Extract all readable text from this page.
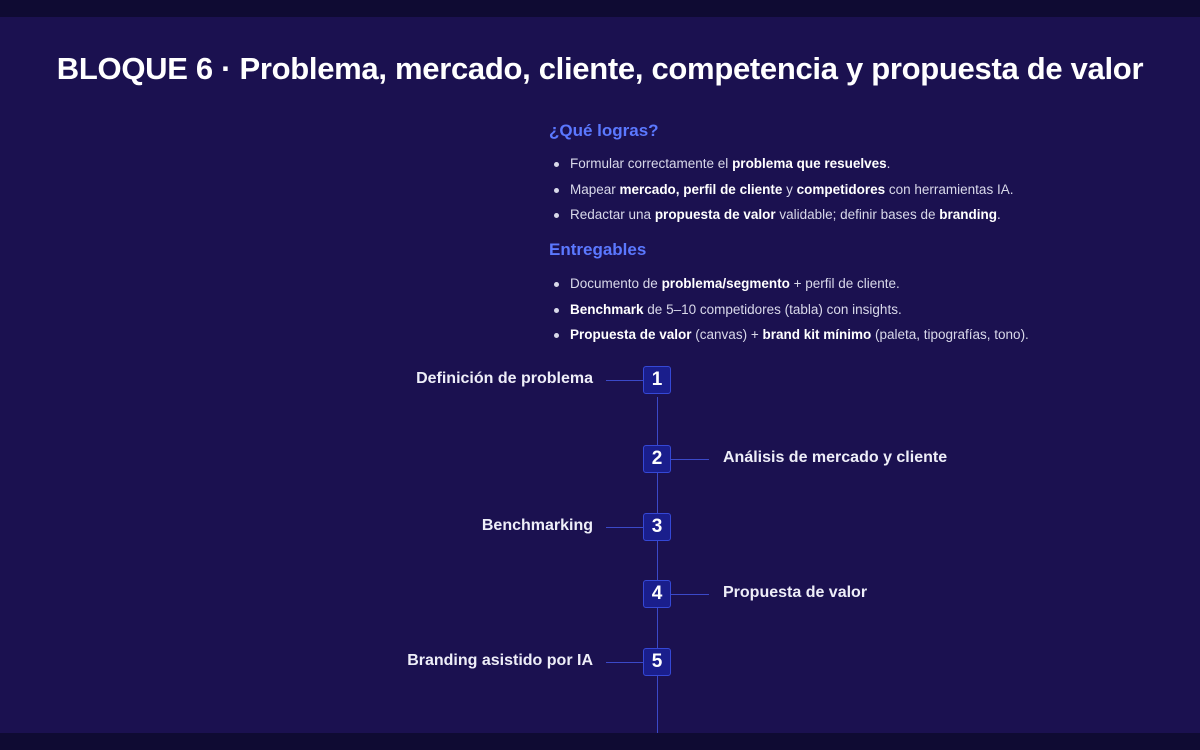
BLOQUE 6 · Problema, mercado, cliente, competencia y propuesta de valor
¿Qué logras?
Formular correctamente el problema que resuelves.
Mapear mercado, perfil de cliente y competidores con herramientas IA.
Redactar una propuesta de valor validable; definir bases de branding.
Entregables
Documento de problema/segmento + perfil de cliente.
Benchmark de 5–10 competidores (tabla) con insights.
Propuesta de valor (canvas) + brand kit mínimo (paleta, tipografías, tono).
1
Definición de problema
2	Análisis de mercado y cliente
3
Benchmarking
4	Propuesta de valor
5
Branding asistido por IA
